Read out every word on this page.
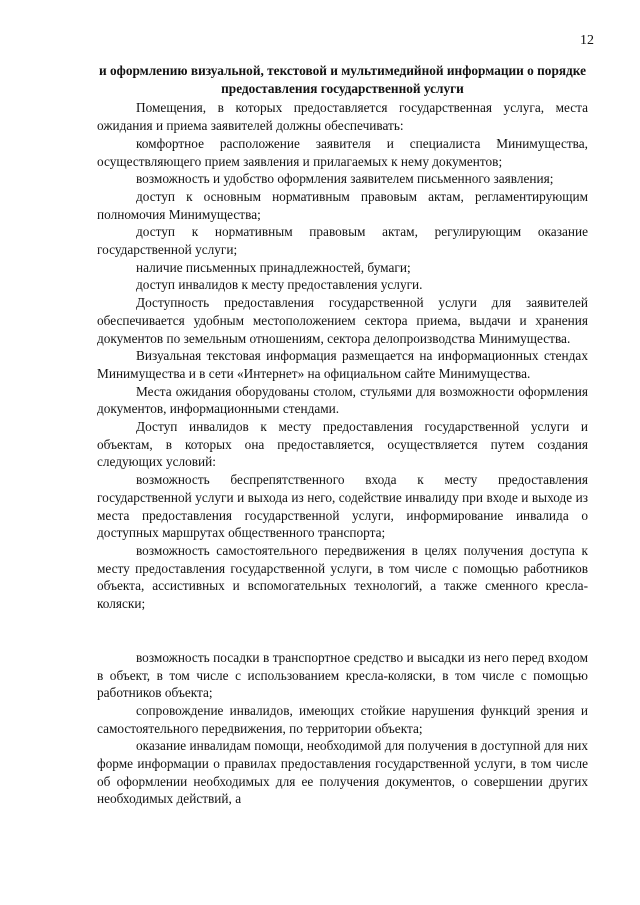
12
и оформлению визуальной, текстовой и мультимедийной информации о порядке предоставления государственной услуги

Помещения, в которых предоставляется государственная услуга, места ожидания и приема заявителей должны обеспечивать:

комфортное расположение заявителя и специалиста Минимущества, осуществляющего прием заявления и прилагаемых к нему документов;

возможность и удобство оформления заявителем письменного заявления;

доступ к основным нормативным правовым актам, регламентирующим полномочия Минимущества;

доступ к нормативным правовым актам, регулирующим оказание государственной услуги;

наличие письменных принадлежностей, бумаги;

доступ инвалидов к месту предоставления услуги.

Доступность предоставления государственной услуги для заявителей обеспечивается удобным местоположением сектора приема, выдачи и хранения документов по земельным отношениям, сектора делопроизводства Минимущества.

Визуальная текстовая информация размещается на информационных стендах Минимущества и в сети «Интернет» на официальном сайте Минимущества.

Места ожидания оборудованы столом, стульями для возможности оформления документов, информационными стендами.

Доступ инвалидов к месту предоставления государственной услуги и объектам, в которых она предоставляется, осуществляется путем создания следующих условий:

возможность беспрепятственного входа к месту предоставления государственной услуги и выхода из него, содействие инвалиду при входе и выходе из места предоставления государственной услуги, информирование инвалида о доступных маршрутах общественного транспорта;

возможность самостоятельного передвижения в целях получения доступа к месту предоставления государственной услуги, в том числе с помощью работников объекта, ассистивных и вспомогательных технологий, а также сменного кресла-коляски;

возможность посадки в транспортное средство и высадки из него перед входом в объект, в том числе с использованием кресла-коляски, в том числе с помощью работников объекта;

сопровождение инвалидов, имеющих стойкие нарушения функций зрения и самостоятельного передвижения, по территории объекта;

оказание инвалидам помощи, необходимой для получения в доступной для них форме информации о правилах предоставления государственной услуги, в том числе об оформлении необходимых для ее получения документов, о совершении других необходимых действий, а
